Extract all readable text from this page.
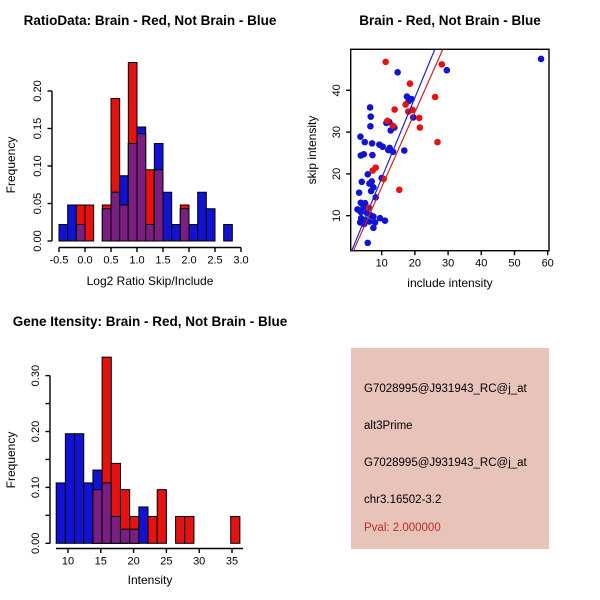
RatioData: Brain - Red, Not Brain - Blue
Log2 Ratio Skip/Include
Frequency
-0.5 0.0 0.5 1.0 1.5 2.0 2.5 3.0
0.00
0.05
0.10
0.15
0.20
Brain - Red, Not Brain - Blue
include intensity
skip intensity
10 20 30 40 50 60
10
20
30
40
Gene Itensity: Brain - Red, Not Brain - Blue
Intensity
Frequency
10 15 20 25 30 35
0.00
0.10
0.20
0.30
G7028995@J931943_RC@j_at
alt3Prime
G7028995@J931943_RC@j_at
chr3.16502-3.2
Pval: 2.000000
